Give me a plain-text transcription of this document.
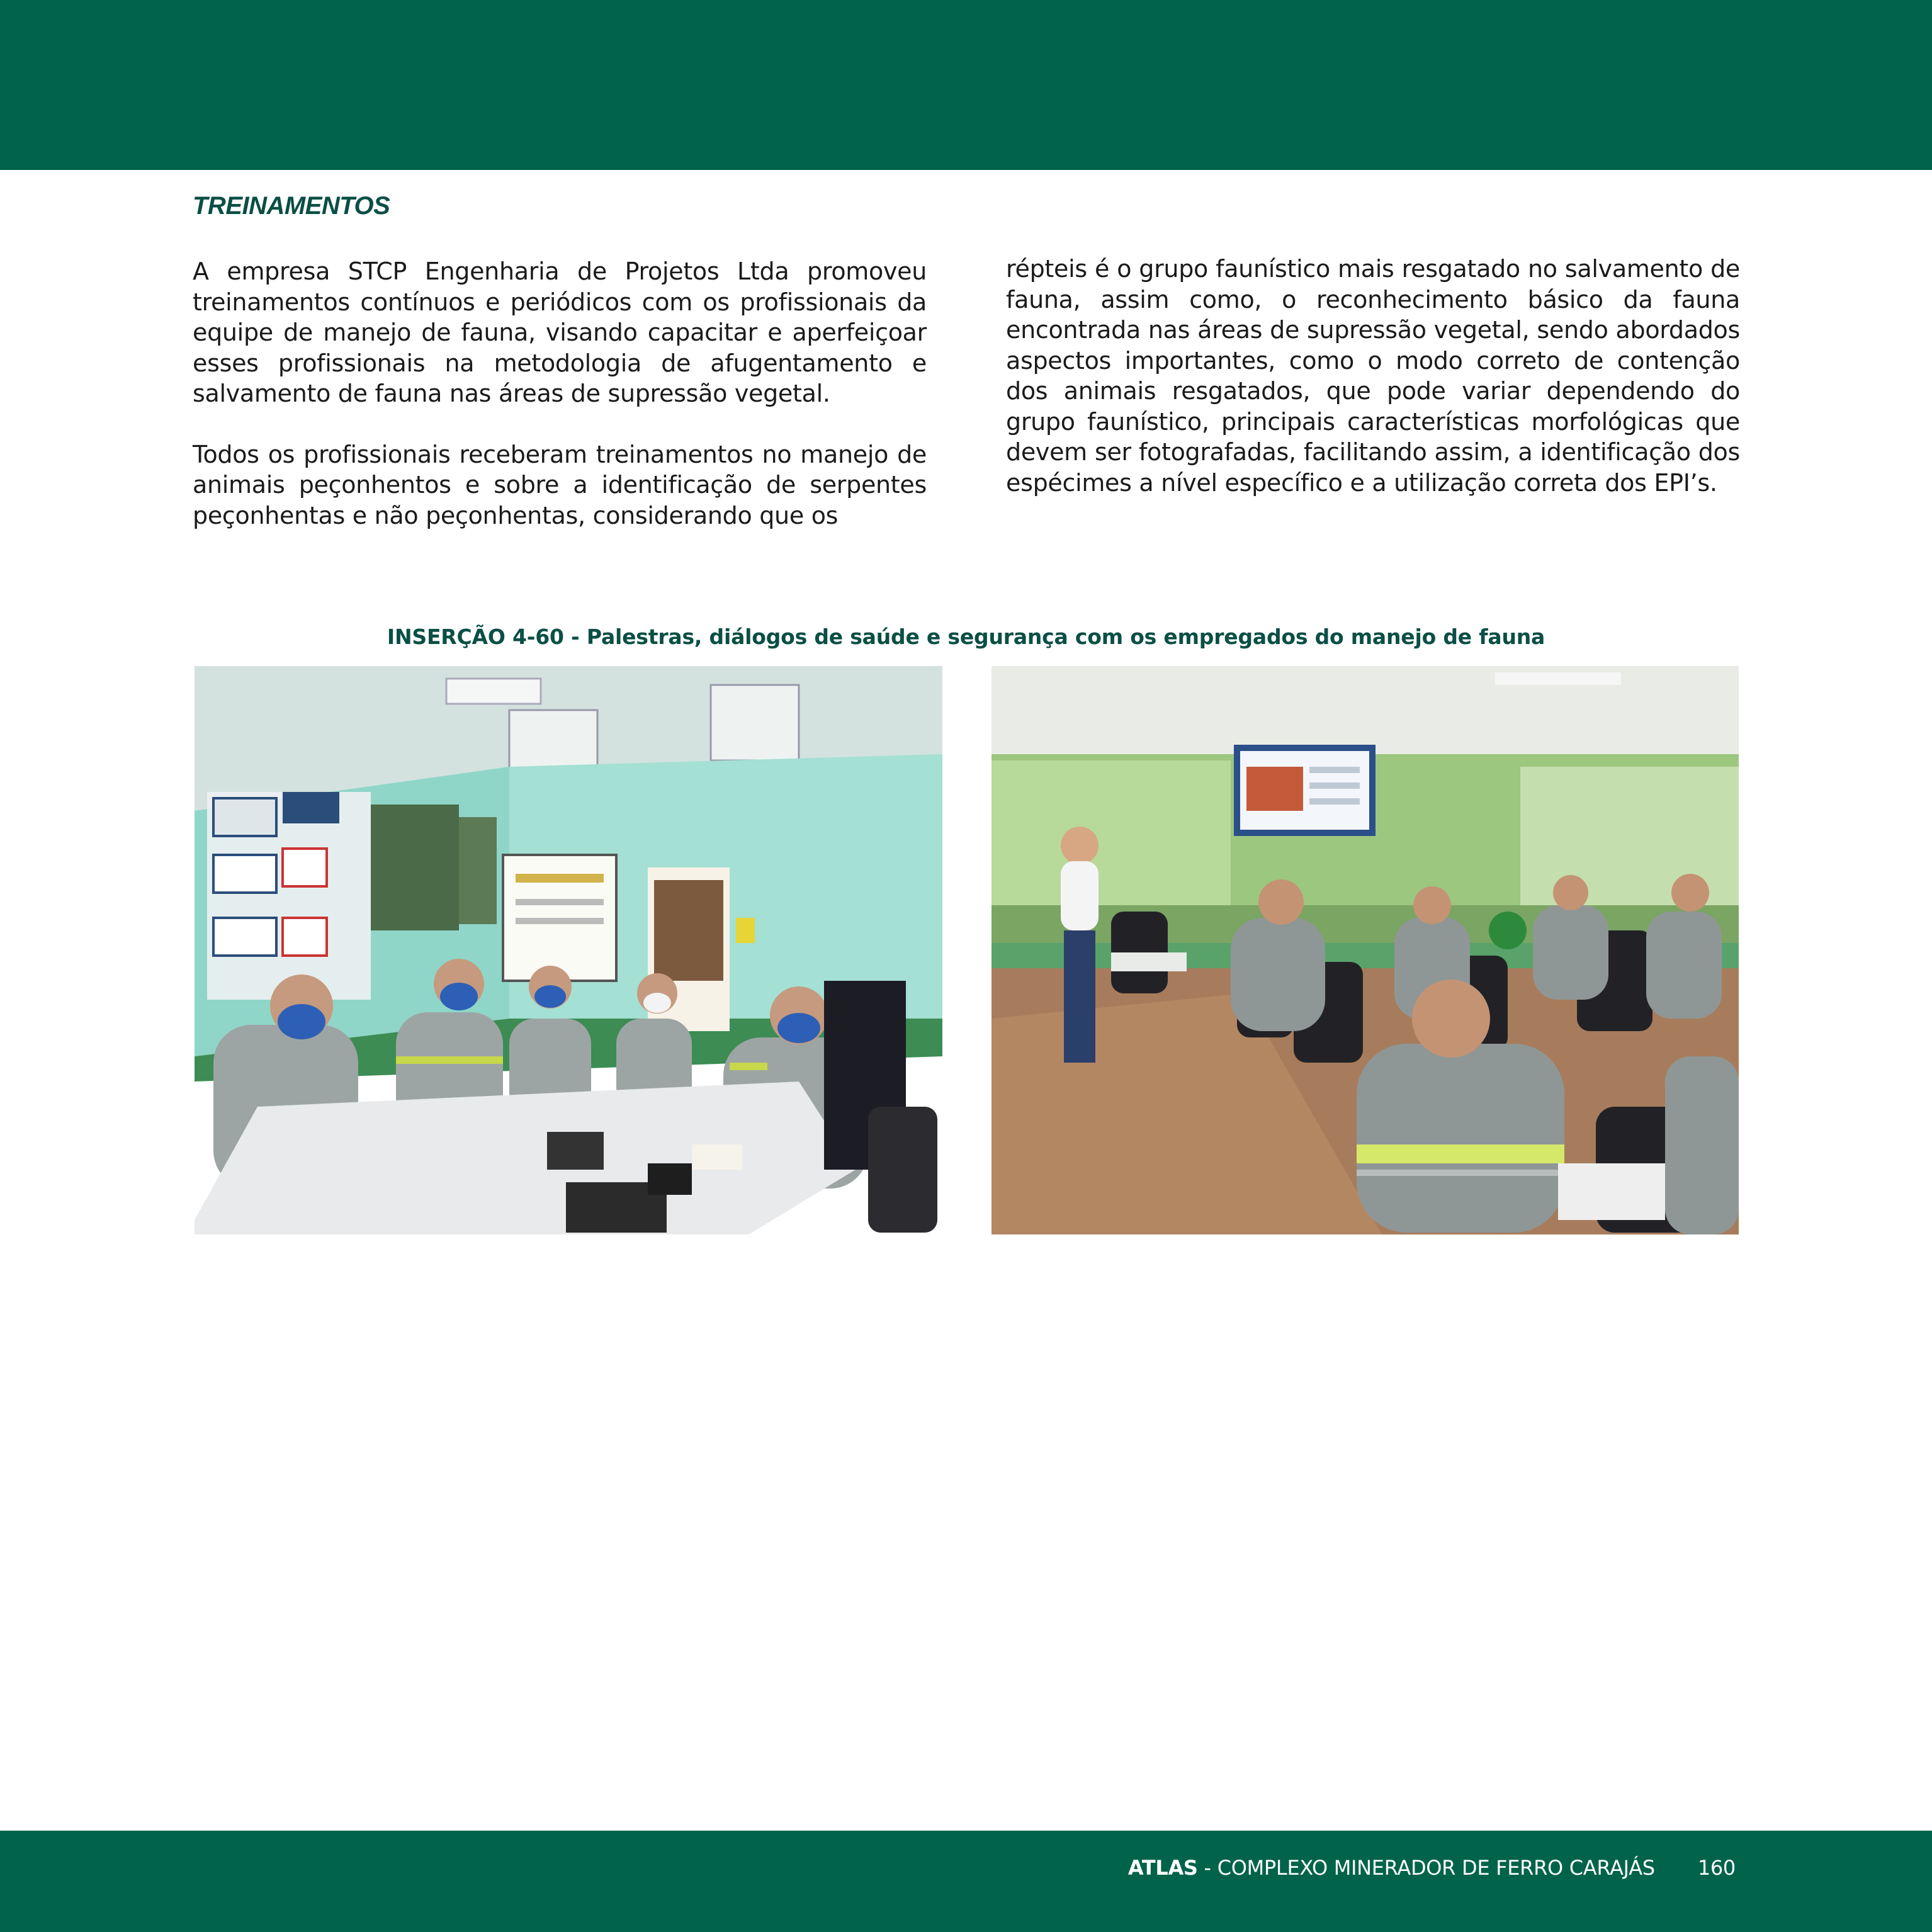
TREINAMENTOS

A empresa STCP Engenharia de Projetos Ltda promoveu treinamentos contínuos e periódicos com os profissionais da equipe de manejo de fauna, visando capacitar e aperfeiçoar esses profissionais na metodologia de afugentamento e salvamento de fauna nas áreas de supressão vegetal.

Todos os profissionais receberam treinamentos no manejo de animais peçonhentos e sobre a identificação de serpentes peçonhentas e não peçonhentas, considerando que os

répteis é o grupo faunístico mais resgatado no salvamento de fauna, assim como, o reconhecimento básico da fauna encontrada nas áreas de supressão vegetal, sendo abordados aspectos importantes, como o modo correto de contenção dos animais resgatados, que pode variar dependendo do grupo faunístico, principais características morfológicas que devem ser fotografadas, facilitando assim, a identificação dos espécimes a nível específico e a utilização correta dos EPI’s.

INSERÇÃO 4-60 - Palestras, diálogos de saúde e segurança com os empregados do manejo de fauna
ATLAS - COMPLEXO MINERADOR DE FERRO CARAJÁS 160
